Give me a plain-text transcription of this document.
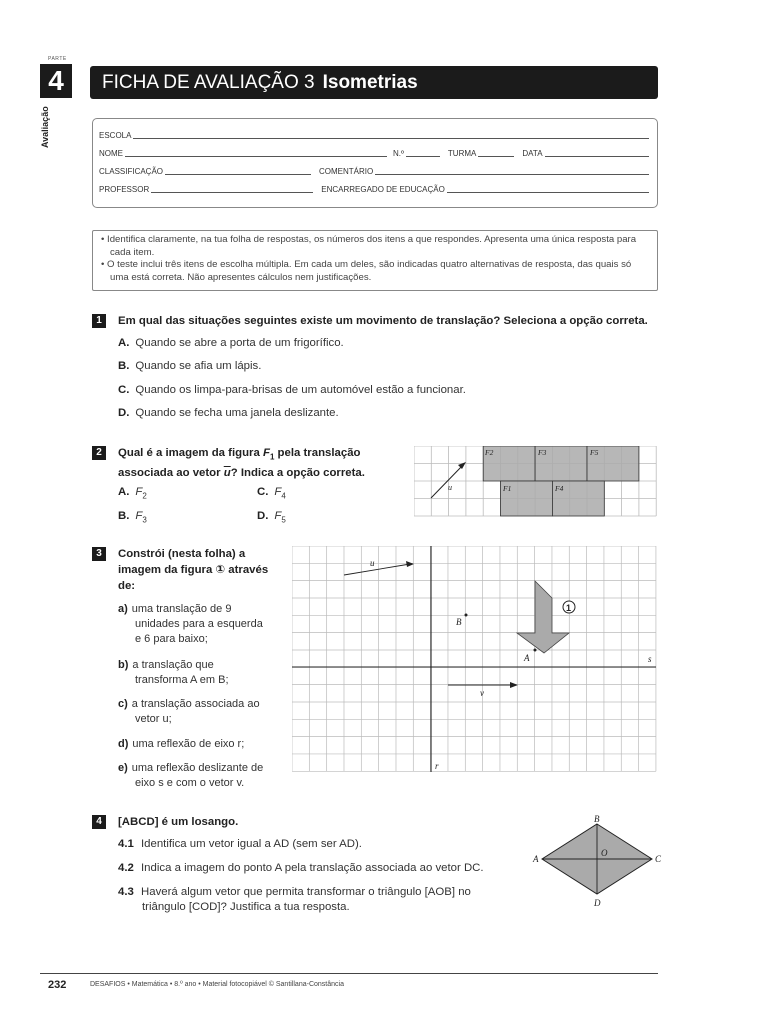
PARTE
4
Avaliação
FICHA DE AVALIAÇÃO 3 Isometrias
ESCOLA
NOME	N.º	TURMA	DATA
CLASSIFICAÇÃO	COMENTÁRIO
PROFESSOR	ENCARREGADO DE EDUCAÇÃO

• Identifica claramente, na tua folha de respostas, os números dos itens a que respondes. Apresenta uma única resposta para cada item.

• O teste inclui três itens de escolha múltipla. Em cada um deles, são indicadas quatro alternativas de resposta, das quais só uma está correta. Não apresentes cálculos nem justificações.

1	Em qual das situações seguintes existe um movimento de translação? Seleciona a opção correta.
A. Quando se abre a porta de um frigorífico.
B. Quando se afia um lápis.
C. Quando os limpa-para-brisas de um automóvel estão a funcionar.
D. Quando se fecha uma janela deslizante.
2	Qual é a imagem da figura $F_1$ pela translação
associada ao vetor $\overline{u}$? Indica a opção correta.
A. $F_2$
B. $F_3$
C. $F_4$
D. $F_5$
F2	F3	F5
F1	F4
u
3	Constrói (nesta folha) a
imagem da figura ① através
de:
a) uma translação de 9
unidades para a esquerda
e 6 para baixo;
b) a translação que
transforma A em B;
c) a translação associada ao
vetor u;
d) uma reflexão de eixo r;
e) uma reflexão deslizante de
eixo s e com o vetor v.
1
u
v
B
A	s
r
4	[ABCD] é um losango.
4.1 Identifica um vetor igual a AD (sem ser AD).
4.2 Indica a imagem do ponto A pela translação associada ao vetor DC.
4.3 Haverá algum vetor que permita transformar o triângulo [AOB] no
triângulo [COD]? Justifica a tua resposta.
B
A	C
D
O
232	DESAFIOS • Matemática • 8.º ano • Material fotocopiável © Santillana-Constância
